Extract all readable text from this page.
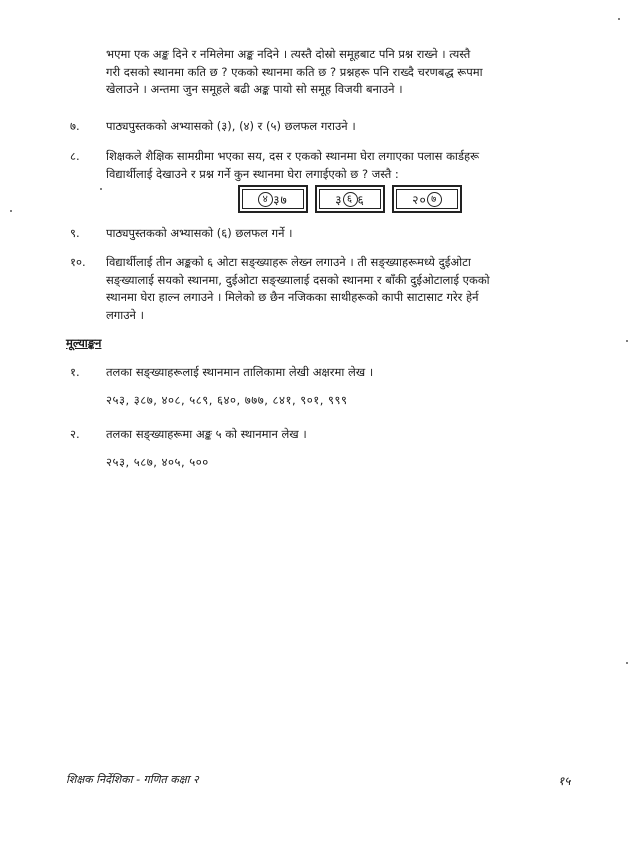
भएमा एक अङ्क दिने र नमिलेमा अङ्क नदिने । त्यस्तै दोस्रो समूहबाट पनि प्रश्न राख्ने । त्यस्तै
गरी दसको स्थानमा कति छ ? एकको स्थानमा कति छ ? प्रश्नहरू पनि राख्दै चरणबद्ध रूपमा
खेलाउने । अन्तमा जुन समूहले बढी अङ्क पायो सो समूह विजयी बनाउने ।
७. पाठ्यपुस्तकको अभ्यासको (३), (४) र (५) छलफल गराउने ।
८. शिक्षकले शैक्षिक सामग्रीमा भएका सय, दस र एकको स्थानमा घेरा लगाएका पलास कार्डहरू
विद्यार्थीलाई देखाउने र प्रश्न गर्ने कुन स्थानमा घेरा लगाईएको छ ? जस्तै :
४ ३७	३ ६ ६	२० ७
९. पाठ्यपुस्तकको अभ्यासको (६) छलफल गर्ने ।
१०. विद्यार्थीलाई तीन अङ्कको ६ ओटा सङ्ख्याहरू लेख्न लगाउने । ती सङ्ख्याहरूमध्ये दुईओटा
सङ्ख्यालाई सयको स्थानमा, दुईओटा सङ्ख्यालाई दसको स्थानमा र बाँकी दुईओटालाई एकको
स्थानमा घेरा हाल्न लगाउने । मिलेको छ छैन नजिकका साथीहरूको कापी साटासाट गरेर हेर्न
लगाउने ।
मूल्याङ्कन
१. तलका सङ्ख्याहरूलाई स्थानमान तालिकामा लेखी अक्षरमा लेख ।
२५३, ३८७, ४०८, ५८९, ६४०, ७७७, ८४१, ९०१, ९९९
२. तलका सङ्ख्याहरूमा अङ्क ५ को स्थानमान लेख ।
२५३, ५८७, ४०५, ५००
शिक्षक निर्देशिका - गणित कक्षा २	१५
